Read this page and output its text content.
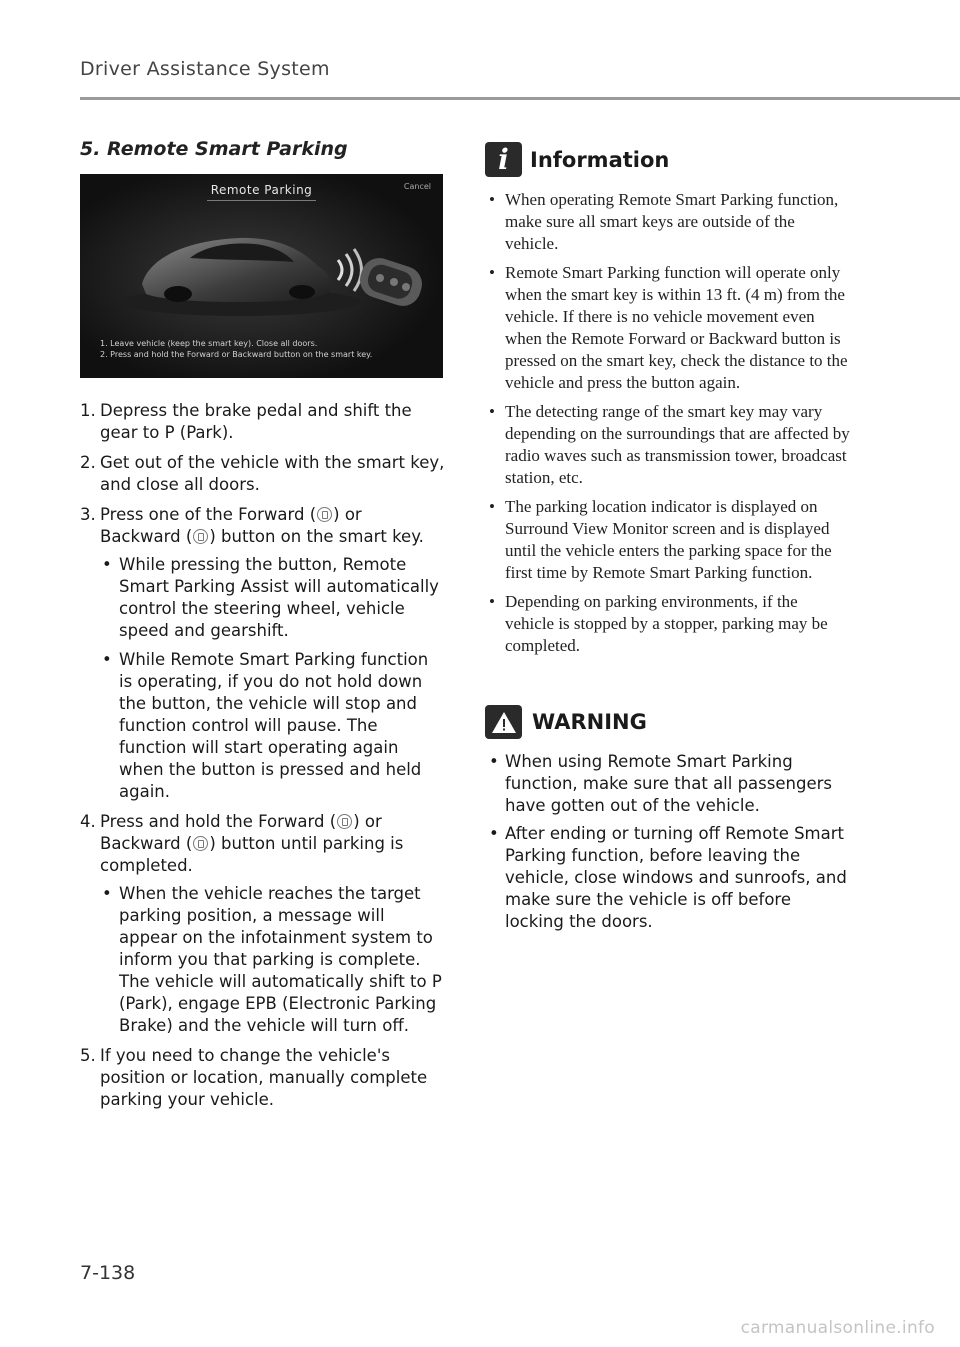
Driver Assistance System
5. Remote Smart Parking
Remote Parking	Cancel
1. Leave vehicle (keep the smart key). Close all doors.
2. Press and hold the Forward or Backward button on the smart key.
1. Depress the brake pedal and shift the gear to P (Park).
2. Get out of the vehicle with the smart key, and close all doors.
3. Press one of the Forward ( ) or Backward ( ) button on the smart key.
• While pressing the button, Remote Smart Parking Assist will automatically control the steering wheel, vehicle speed and gearshift.
• While Remote Smart Parking function is operating, if you do not hold down the button, the vehicle will stop and function control will pause. The function will start operating again when the button is pressed and held again.
4. Press and hold the Forward ( ) or Backward ( ) button until parking is completed.
• When the vehicle reaches the target parking position, a message will appear on the infotainment system to inform you that parking is complete. The vehicle will automatically shift to P (Park), engage EPB (Electronic Parking Brake) and the vehicle will turn off.
5. If you need to change the vehicle's position or location, manually complete parking your vehicle.
i	Information
• When operating Remote Smart Parking function, make sure all smart keys are outside of the vehicle.
• Remote Smart Parking function will operate only when the smart key is within 13 ft. (4 m) from the vehicle. If there is no vehicle movement even when the Remote Forward or Backward button is pressed on the smart key, check the distance to the vehicle and press the button again.
• The detecting range of the smart key may vary depending on the surroundings that are affected by radio waves such as transmission tower, broadcast station, etc.
• The parking location indicator is displayed on Surround View Monitor screen and is displayed until the vehicle enters the parking space for the first time by Remote Smart Parking function.
• Depending on parking environments, if the vehicle is stopped by a stopper, parking may be completed.
WARNING
• When using Remote Smart Parking function, make sure that all passengers have gotten out of the vehicle.
• After ending or turning off Remote Smart Parking function, before leaving the vehicle, close windows and sunroofs, and make sure the vehicle is off before locking the doors.
7-138
carmanualsonline.info
